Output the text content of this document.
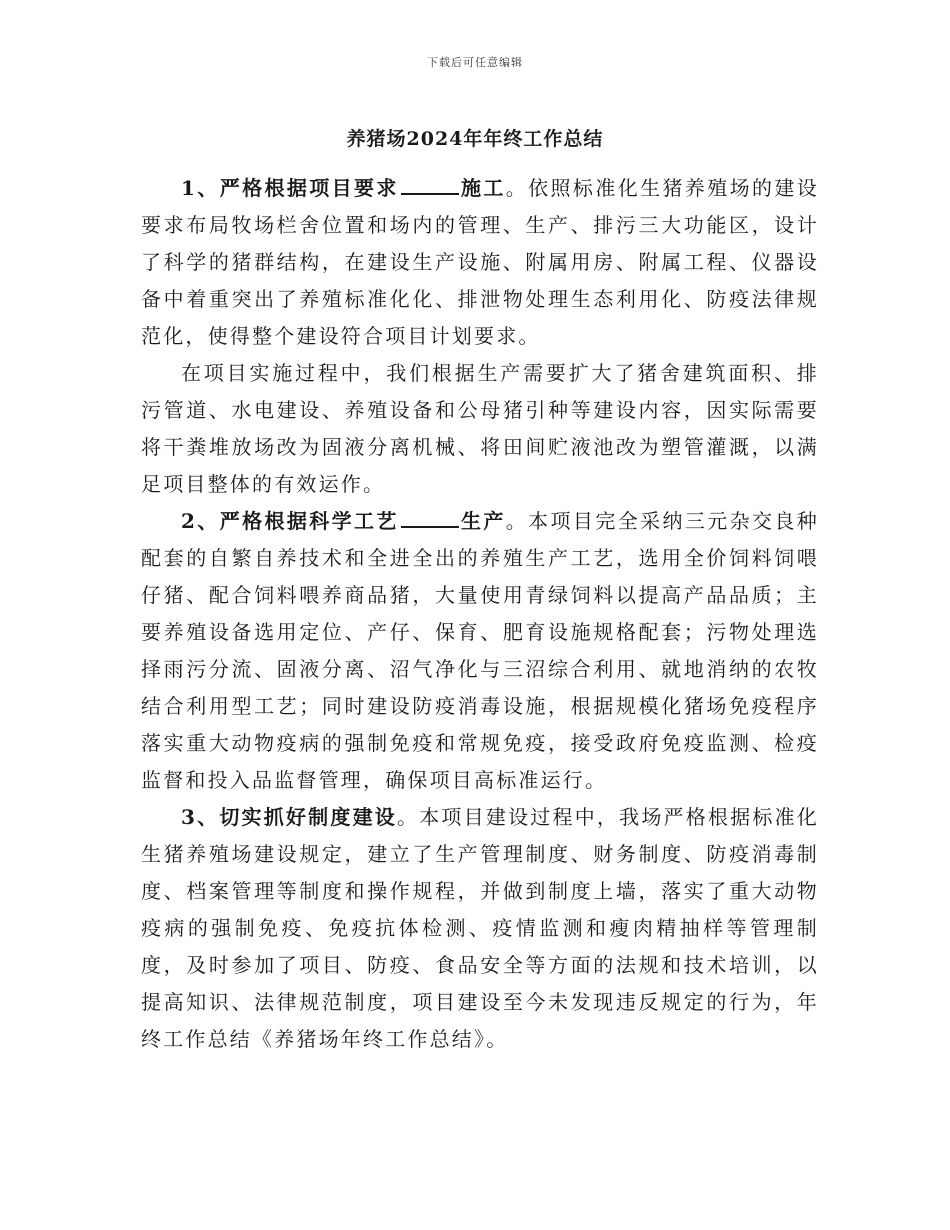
下载后可任意编辑
养猪场2024年年终工作总结

1、严格根据项目要求	施工。依照标准化生猪养殖场的建设要求布局牧场栏舍位置和场内的管理、生产、排污三大功能区，设计了科学的猪群结构，在建设生产设施、附属用房、附属工程、仪器设备中着重突出了养殖标准化化、排泄物处理生态利用化、防疫法律规范化，使得整个建设符合项目计划要求。

在项目实施过程中，我们根据生产需要扩大了猪舍建筑面积、排污管道、水电建设、养殖设备和公母猪引种等建设内容，因实际需要将干粪堆放场改为固液分离机械、将田间贮液池改为塑管灌溉，以满足项目整体的有效运作。

2、严格根据科学工艺	生产。本项目完全采纳三元杂交良种配套的自繁自养技术和全进全出的养殖生产工艺，选用全价饲料饲喂仔猪、配合饲料喂养商品猪，大量使用青绿饲料以提高产品品质；主要养殖设备选用定位、产仔、保育、肥育设施规格配套；污物处理选择雨污分流、固液分离、沼气净化与三沼综合利用、就地消纳的农牧结合利用型工艺；同时建设防疫消毒设施，根据规模化猪场免疫程序落实重大动物疫病的强制免疫和常规免疫，接受政府免疫监测、检疫监督和投入品监督管理，确保项目高标准运行。

3、切实抓好制度建设。本项目建设过程中，我场严格根据标准化生猪养殖场建设规定，建立了生产管理制度、财务制度、防疫消毒制度、档案管理等制度和操作规程，并做到制度上墙，落实了重大动物疫病的强制免疫、免疫抗体检测、疫情监测和瘦肉精抽样等管理制度，及时参加了项目、防疫、食品安全等方面的法规和技术培训，以提高知识、法律规范制度，项目建设至今未发现违反规定的行为，年终工作总结《养猪场年终工作总结》。
